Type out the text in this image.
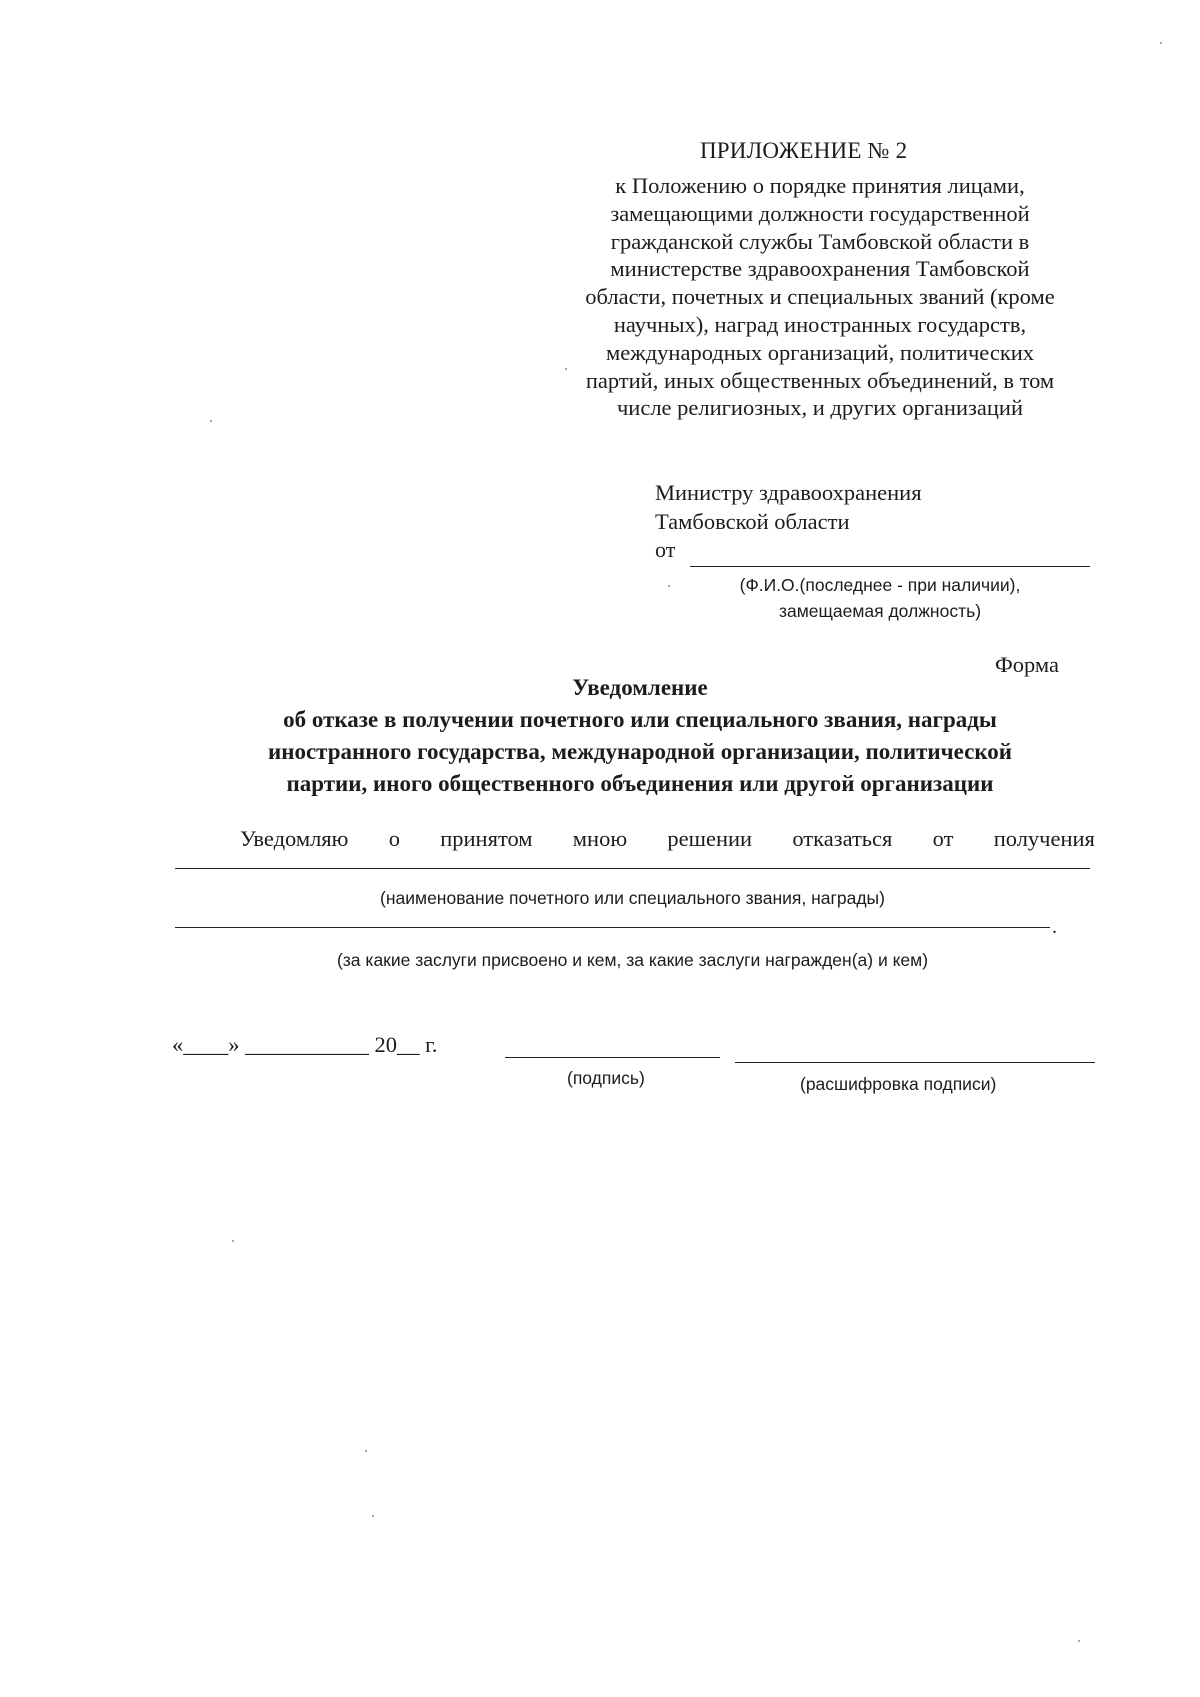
ПРИЛОЖЕНИЕ № 2
к Положению о порядке принятия лицами,
замещающими должности государственной
гражданской службы Тамбовской области в
министерстве здравоохранения Тамбовской
области, почетных и специальных званий (кроме
научных), наград иностранных государств,
международных организаций, политических
партий, иных общественных объединений, в том
числе религиозных, и других организаций
Министру здравоохранения
Тамбовской области
от
(Ф.И.О.(последнее - при наличии),
замещаемая должность)
Форма
Уведомление
об отказе в получении почетного или специального звания, награды
иностранного государства, международной организации, политической
партии, иного общественного объединения или другой организации
Уведомляю о принятом мною решении отказаться от получения
(наименование почетного или специального звания, награды)
.
(за какие заслуги присвоено и кем, за какие заслуги награжден(а) и кем)
«____» ___________ 20__ г.
(подпись)	(расшифровка подписи)
